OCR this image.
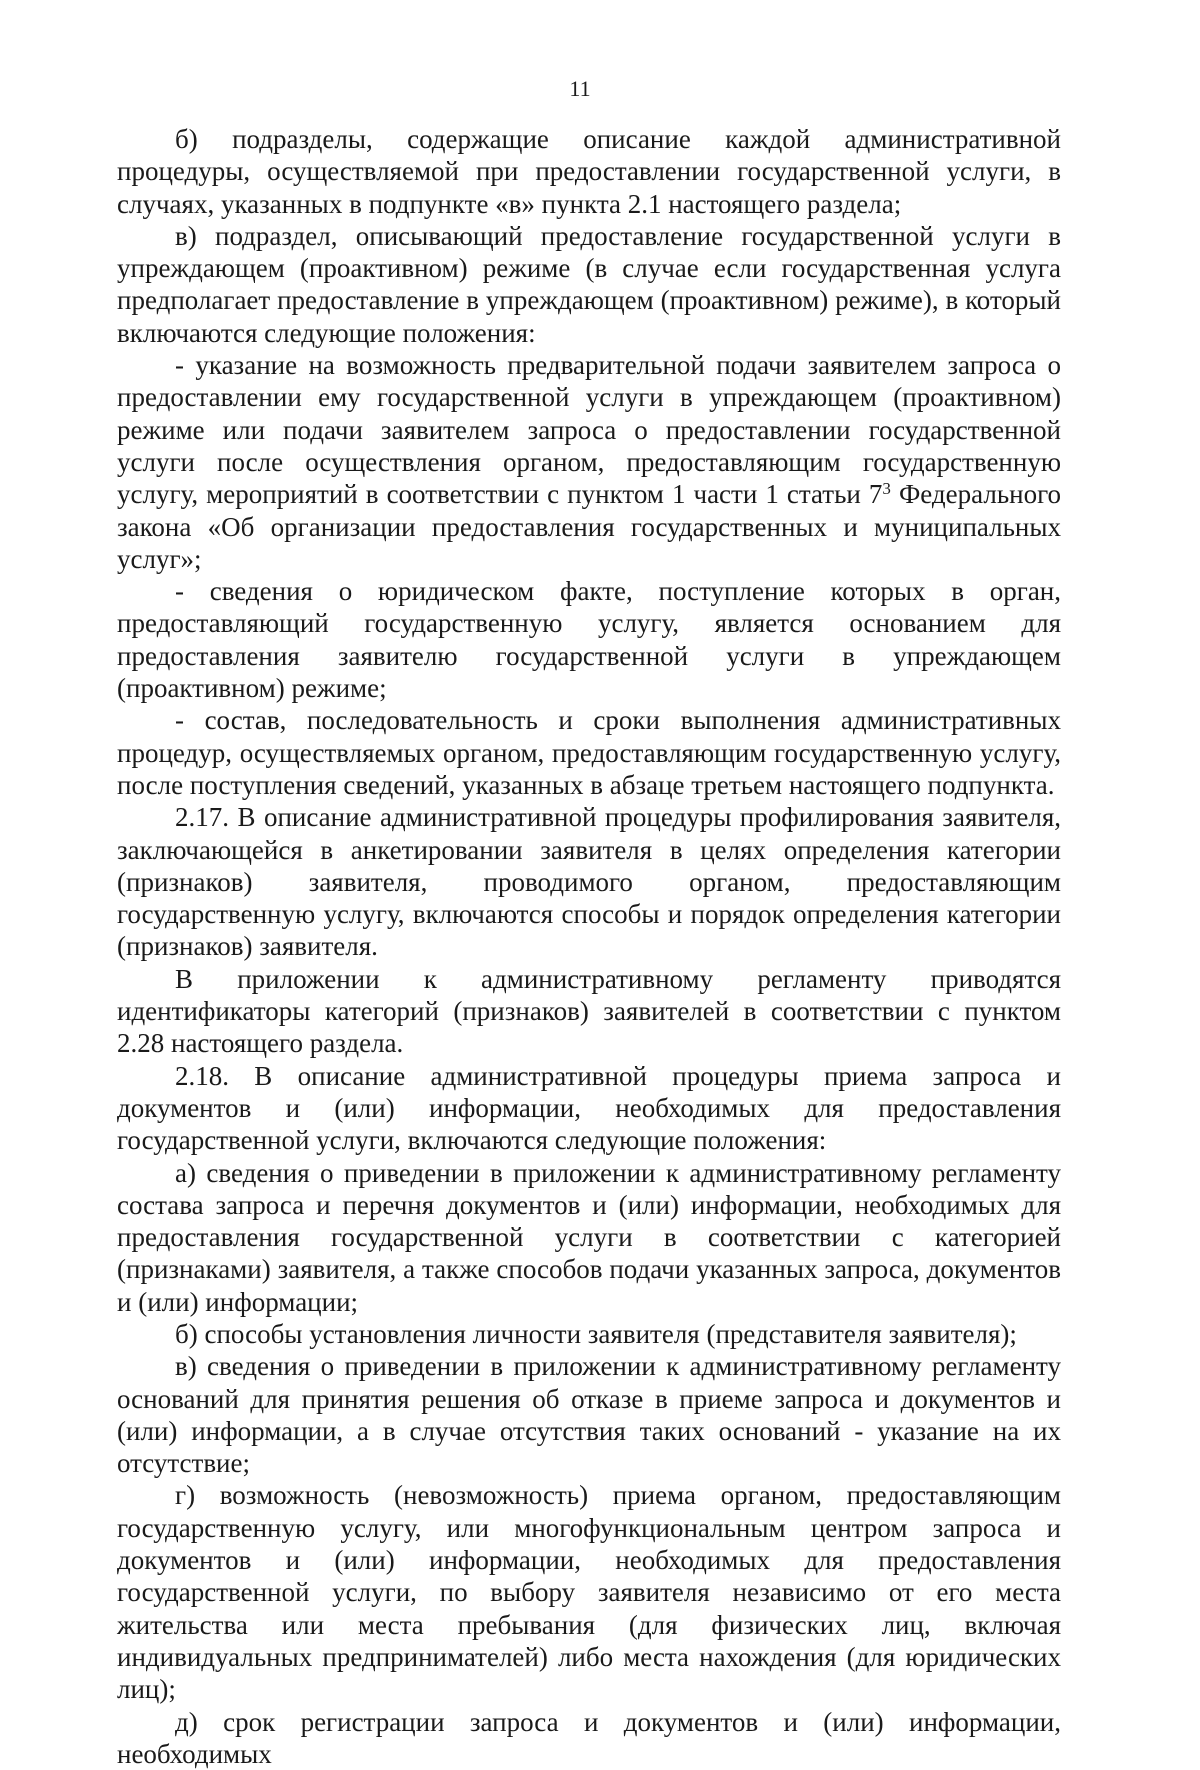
11

б) подразделы, содержащие описание каждой административной процедуры, осуществляемой при предоставлении государственной услуги, в случаях, указанных в подпункте «в» пункта 2.1 настоящего раздела;

в) подраздел, описывающий предоставление государственной услуги в упреждающем (проактивном) режиме (в случае если государственная услуга предполагает предоставление в упреждающем (проактивном) режиме), в который включаются следующие положения:

- указание на возможность предварительной подачи заявителем запроса о предоставлении ему государственной услуги в упреждающем (проактивном) режиме или подачи заявителем запроса о предоставлении государственной услуги после осуществления органом, предоставляющим государственную услугу, мероприятий в соответствии с пунктом 1 части 1 статьи $7^3$ Федерального закона «Об организации предоставления государственных и муниципальных услуг»;

- сведения о юридическом факте, поступление которых в орган, предоставляющий государственную услугу, является основанием для предоставления заявителю государственной услуги в упреждающем (проактивном) режиме;

- состав, последовательность и сроки выполнения административных процедур, осуществляемых органом, предоставляющим государственную услугу, после поступления сведений, указанных в абзаце третьем настоящего подпункта.

2.17. В описание административной процедуры профилирования заявителя, заключающейся в анкетировании заявителя в целях определения категории (признаков) заявителя, проводимого органом, предоставляющим государственную услугу, включаются способы и порядок определения категории (признаков) заявителя.

В приложении к административному регламенту приводятся идентификаторы категорий (признаков) заявителей в соответствии с пунктом 2.28 настоящего раздела.

2.18. В описание административной процедуры приема запроса и документов и (или) информации, необходимых для предоставления государственной услуги, включаются следующие положения:

а) сведения о приведении в приложении к административному регламенту состава запроса и перечня документов и (или) информации, необходимых для предоставления государственной услуги в соответствии с категорией (признаками) заявителя, а также способов подачи указанных запроса, документов и (или) информации;

б) способы установления личности заявителя (представителя заявителя);

в) сведения о приведении в приложении к административному регламенту оснований для принятия решения об отказе в приеме запроса и документов и (или) информации, а в случае отсутствия таких оснований - указание на их отсутствие;

г) возможность (невозможность) приема органом, предоставляющим государственную услугу, или многофункциональным центром запроса и документов и (или) информации, необходимых для предоставления государственной услуги, по выбору заявителя независимо от его места жительства или места пребывания (для физических лиц, включая индивидуальных предпринимателей) либо места нахождения (для юридических лиц);

д) срок регистрации запроса и документов и (или) информации, необходимых
